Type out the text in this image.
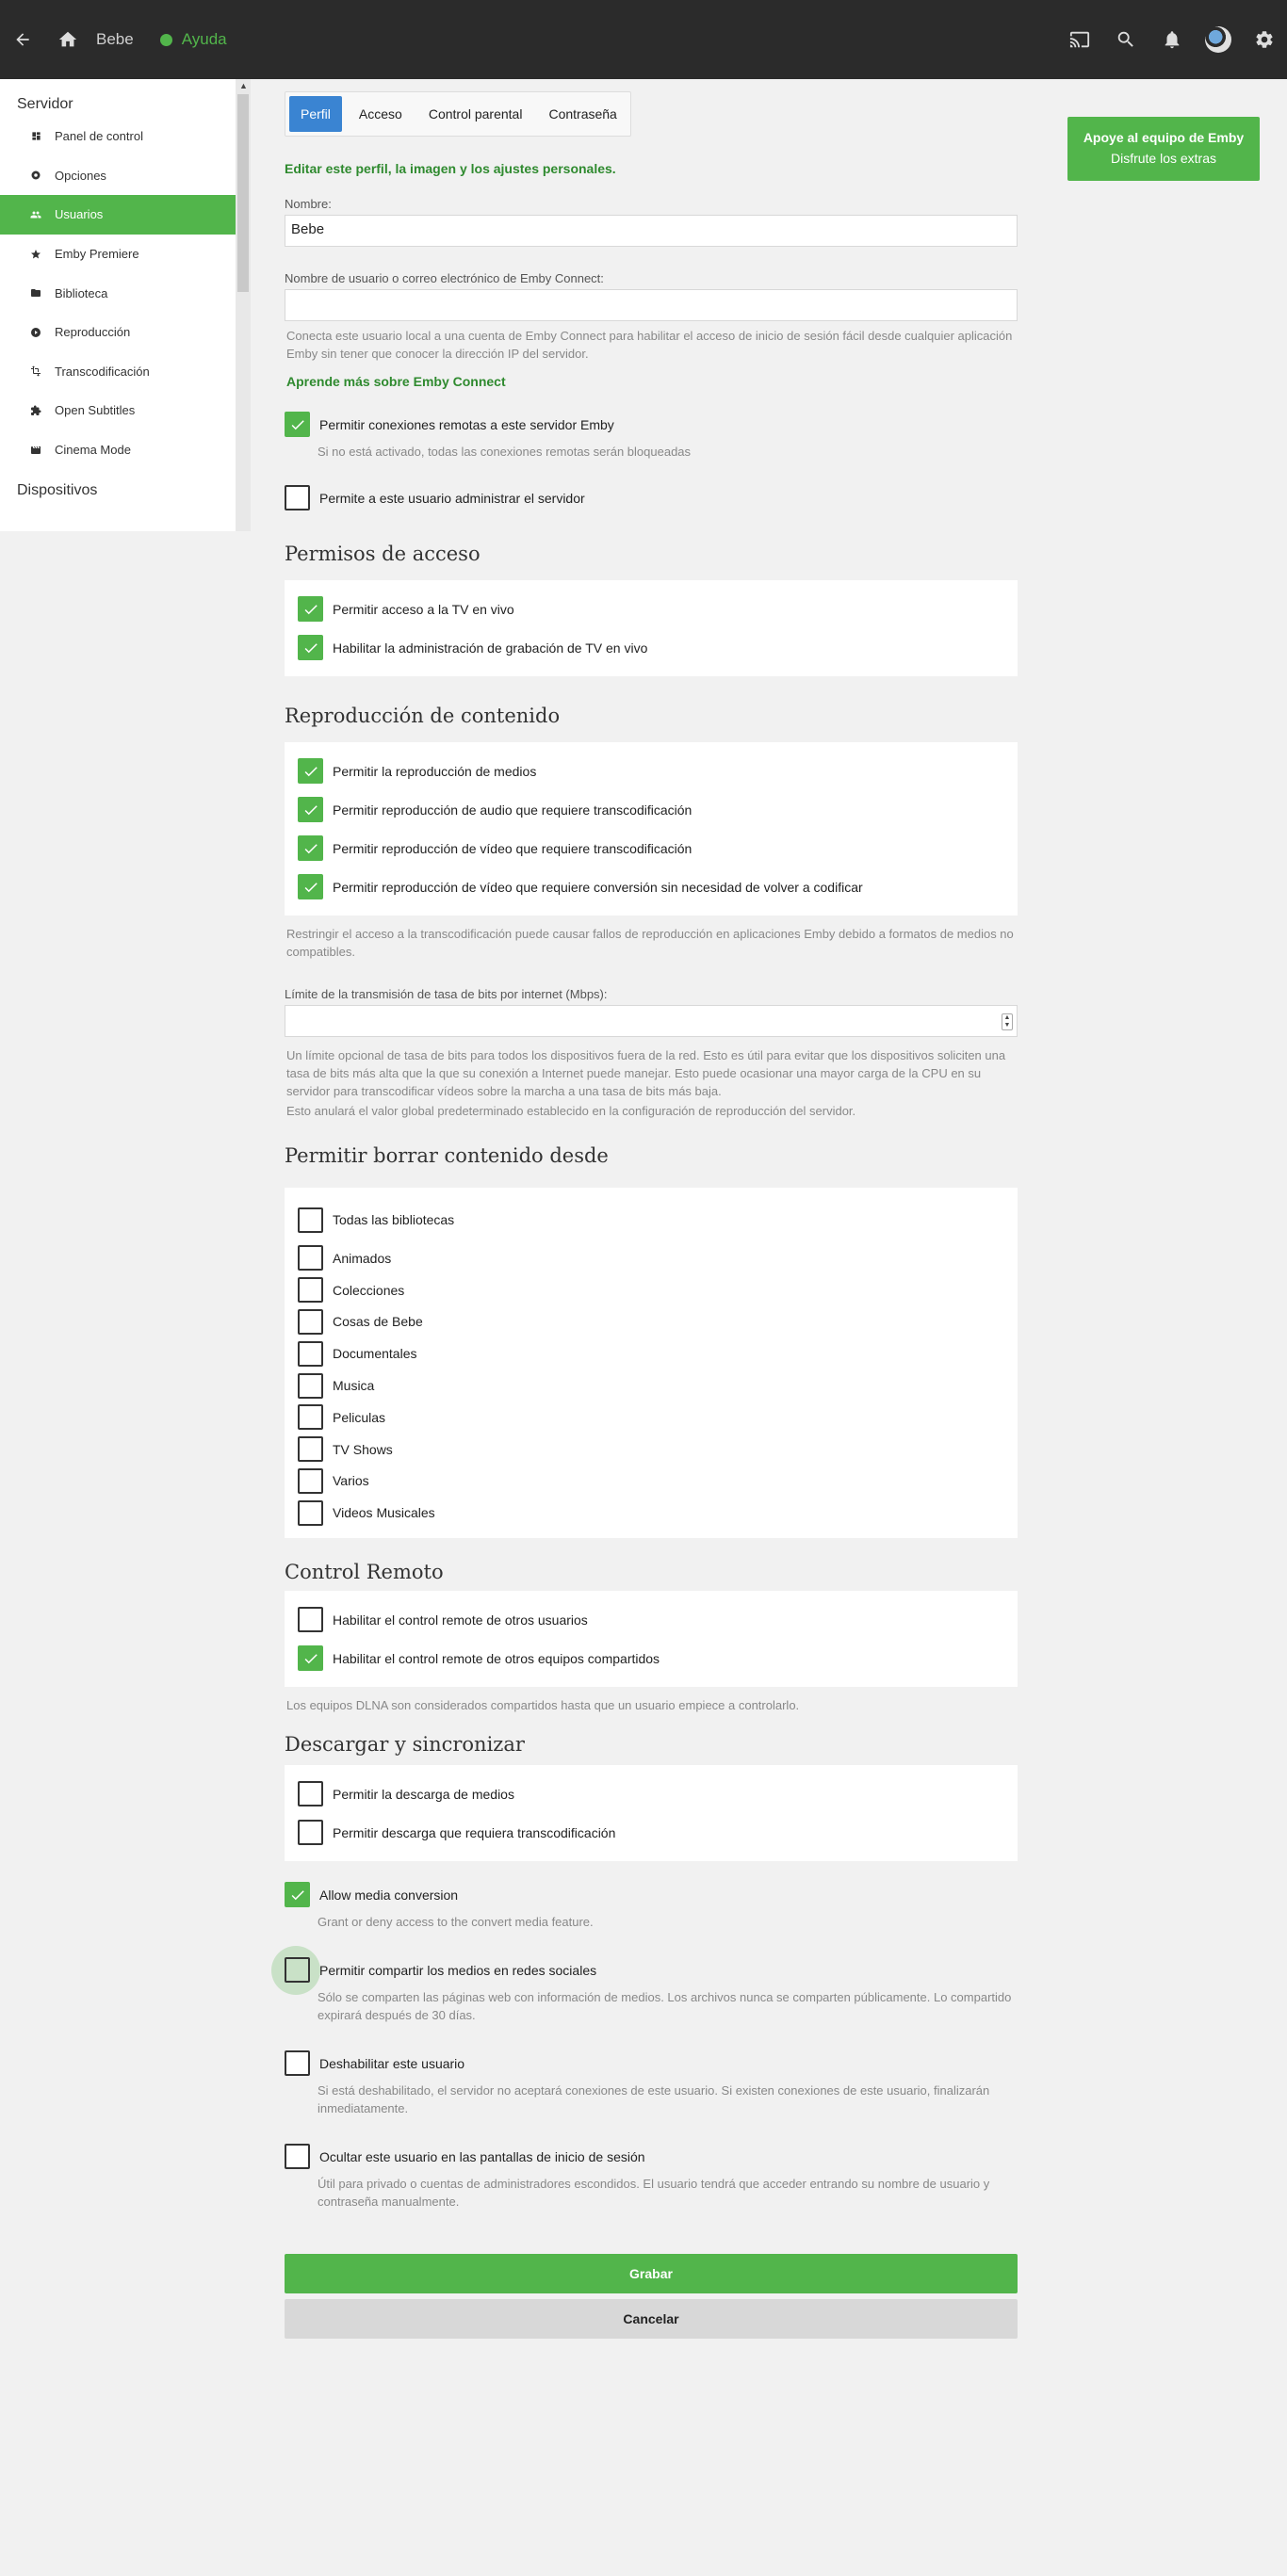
Bebe	Ayuda
▲
Servidor
Panel de control
Opciones
Usuarios
Emby Premiere
Biblioteca
Reproducción
Transcodificación
Open Subtitles
Cinema Mode
Dispositivos
Apoye al equipo de Emby
Disfrute los extras
Perfil	Acceso	Control parental	Contraseña
Editar este perfil, la imagen y los ajustes personales.
Nombre:
Bebe
Nombre de usuario o correo electrónico de Emby Connect:
Conecta este usuario local a una cuenta de Emby Connect para habilitar el acceso de inicio de sesión fácil desde cualquier aplicación Emby sin tener que conocer la dirección IP del servidor.
Aprende más sobre Emby Connect
Permitir conexiones remotas a este servidor Emby
Si no está activado, todas las conexiones remotas serán bloqueadas
Permite a este usuario administrar el servidor
Permisos de acceso
Permitir acceso a la TV en vivo
Habilitar la administración de grabación de TV en vivo
Reproducción de contenido
Permitir la reproducción de medios
Permitir reproducción de audio que requiere transcodificación
Permitir reproducción de vídeo que requiere transcodificación
Permitir reproducción de vídeo que requiere conversión sin necesidad de volver a codificar
Restringir el acceso a la transcodificación puede causar fallos de reproducción en aplicaciones Emby debido a formatos de medios no compatibles.
Límite de la transmisión de tasa de bits por internet (Mbps):
▲
▼
Un límite opcional de tasa de bits para todos los dispositivos fuera de la red. Esto es útil para evitar que los dispositivos soliciten una tasa de bits más alta que la que su conexión a Internet puede manejar. Esto puede ocasionar una mayor carga de la CPU en su servidor para transcodificar vídeos sobre la marcha a una tasa de bits más baja.
Esto anulará el valor global predeterminado establecido en la configuración de reproducción del servidor.
Permitir borrar contenido desde
Todas las bibliotecas
Animados
Colecciones
Cosas de Bebe
Documentales
Musica
Peliculas
TV Shows
Varios
Videos Musicales
Control Remoto
Habilitar el control remote de otros usuarios
Habilitar el control remote de otros equipos compartidos
Los equipos DLNA son considerados compartidos hasta que un usuario empiece a controlarlo.
Descargar y sincronizar
Permitir la descarga de medios
Permitir descarga que requiera transcodificación
Allow media conversion
Grant or deny access to the convert media feature.
Permitir compartir los medios en redes sociales
Sólo se comparten las páginas web con información de medios. Los archivos nunca se comparten públicamente. Lo compartido expirará después de 30 días.
Deshabilitar este usuario
Si está deshabilitado, el servidor no aceptará conexiones de este usuario. Si existen conexiones de este usuario, finalizarán inmediatamente.
Ocultar este usuario en las pantallas de inicio de sesión
Útil para privado o cuentas de administradores escondidos. El usuario tendrá que acceder entrando su nombre de usuario y contraseña manualmente.
Grabar
Cancelar
